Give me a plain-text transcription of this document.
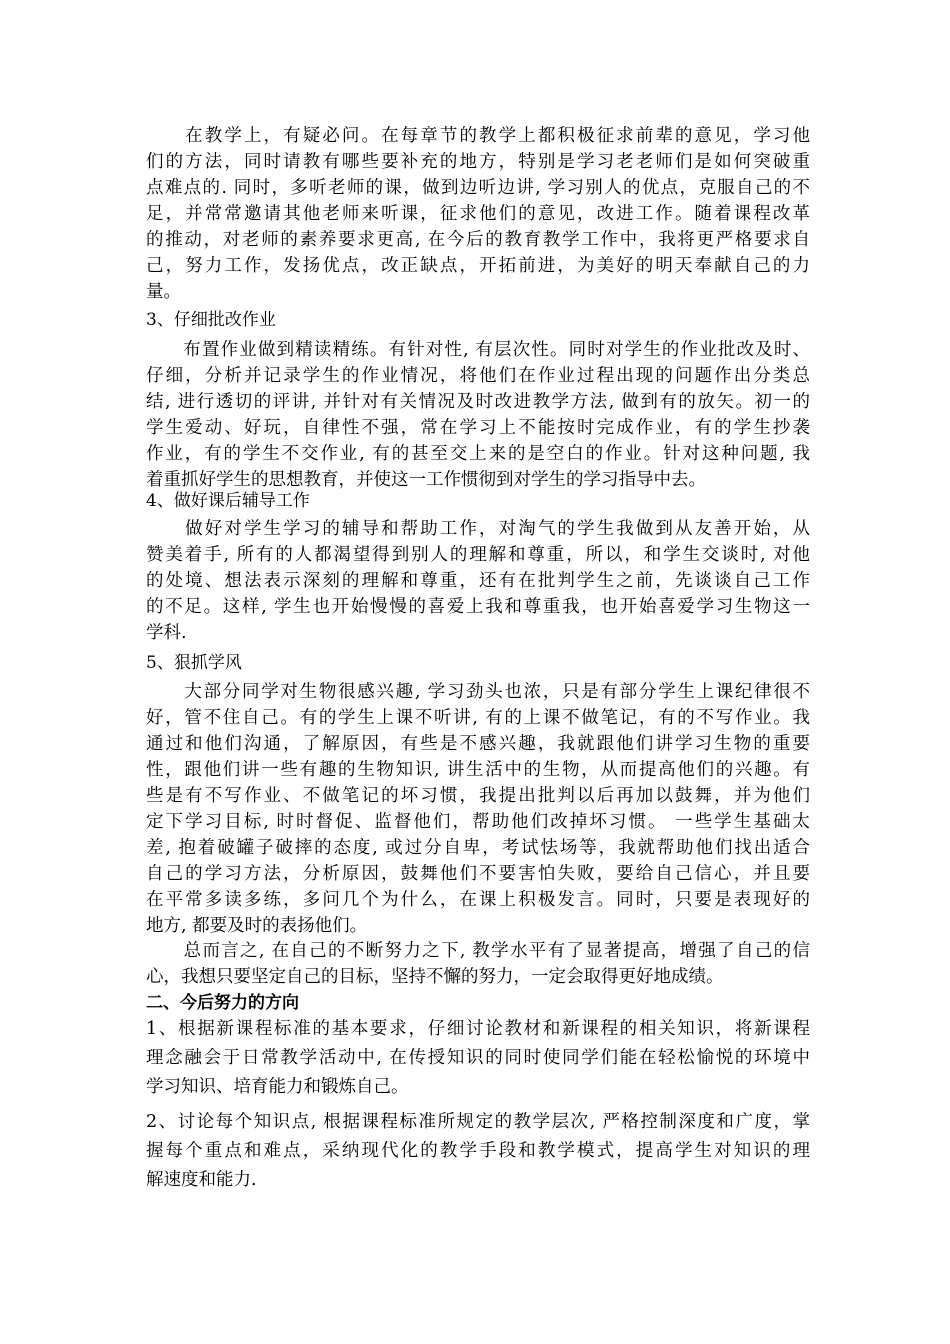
　　在教学上，有疑必问。在每章节的教学上都积极征求前辈的意见，学习他
们的方法，同时请教有哪些要补充的地方，特别是学习老老师们是如何突破重
点难点的. 同时，多听老师的课，做到边听边讲, 学习别人的优点，克服自己的不
足，并常常邀请其他老师来听课，征求他们的意见，改进工作。随着课程改革
的推动，对老师的素养要求更高, 在今后的教育教学工作中，我将更严格要求自
己，努力工作，发扬优点，改正缺点，开拓前进，为美好的明天奉献自己的力
量。
3、仔细批改作业
　　布置作业做到精读精练。有针对性, 有层次性。同时对学生的作业批改及时、
仔细，分析并记录学生的作业情况，将他们在作业过程出现的问题作出分类总
结, 进行透切的评讲, 并针对有关情况及时改进教学方法, 做到有的放矢。初一的
学生爱动、好玩，自律性不强，常在学习上不能按时完成作业，有的学生抄袭
作业，有的学生不交作业, 有的甚至交上来的是空白的作业。针对这种问题, 我
着重抓好学生的思想教育，并使这一工作惯彻到对学生的学习指导中去。
4、做好课后辅导工作
　　做好对学生学习的辅导和帮助工作，对淘气的学生我做到从友善开始，从
赞美着手, 所有的人都渴望得到别人的理解和尊重，所以，和学生交谈时, 对他
的处境、想法表示深刻的理解和尊重，还有在批判学生之前，先谈谈自己工作
的不足。这样, 学生也开始慢慢的喜爱上我和尊重我，也开始喜爱学习生物这一
学科.
5、狠抓学风
　　大部分同学对生物很感兴趣, 学习劲头也浓，只是有部分学生上课纪律很不
好，管不住自己。有的学生上课不听讲, 有的上课不做笔记，有的不写作业。我
通过和他们沟通，了解原因，有些是不感兴趣，我就跟他们讲学习生物的重要
性，跟他们讲一些有趣的生物知识, 讲生活中的生物，从而提高他们的兴趣。有
些是有不写作业、不做笔记的坏习惯，我提出批判以后再加以鼓舞，并为他们
定下学习目标, 时时督促、监督他们，帮助他们改掉坏习惯。 一些学生基础太
差, 抱着破罐子破摔的态度, 或过分自卑，考试怯场等，我就帮助他们找出适合
自己的学习方法，分析原因，鼓舞他们不要害怕失败，要给自己信心，并且要
在平常多读多练，多问几个为什么，在课上积极发言。同时，只要是表现好的
地方, 都要及时的表扬他们。
　　总而言之, 在自己的不断努力之下, 教学水平有了显著提高，增强了自己的信
心，我想只要坚定自己的目标，坚持不懈的努力，一定会取得更好地成绩。
二、今后努力的方向
1、根据新课程标准的基本要求，仔细讨论教材和新课程的相关知识，将新课程
理念融会于日常教学活动中, 在传授知识的同时使同学们能在轻松愉悦的环境中
学习知识、培育能力和锻炼自己。
2、讨论每个知识点, 根据课程标准所规定的教学层次, 严格控制深度和广度，掌
握每个重点和难点，采纳现代化的教学手段和教学模式，提高学生对知识的理
解速度和能力.
